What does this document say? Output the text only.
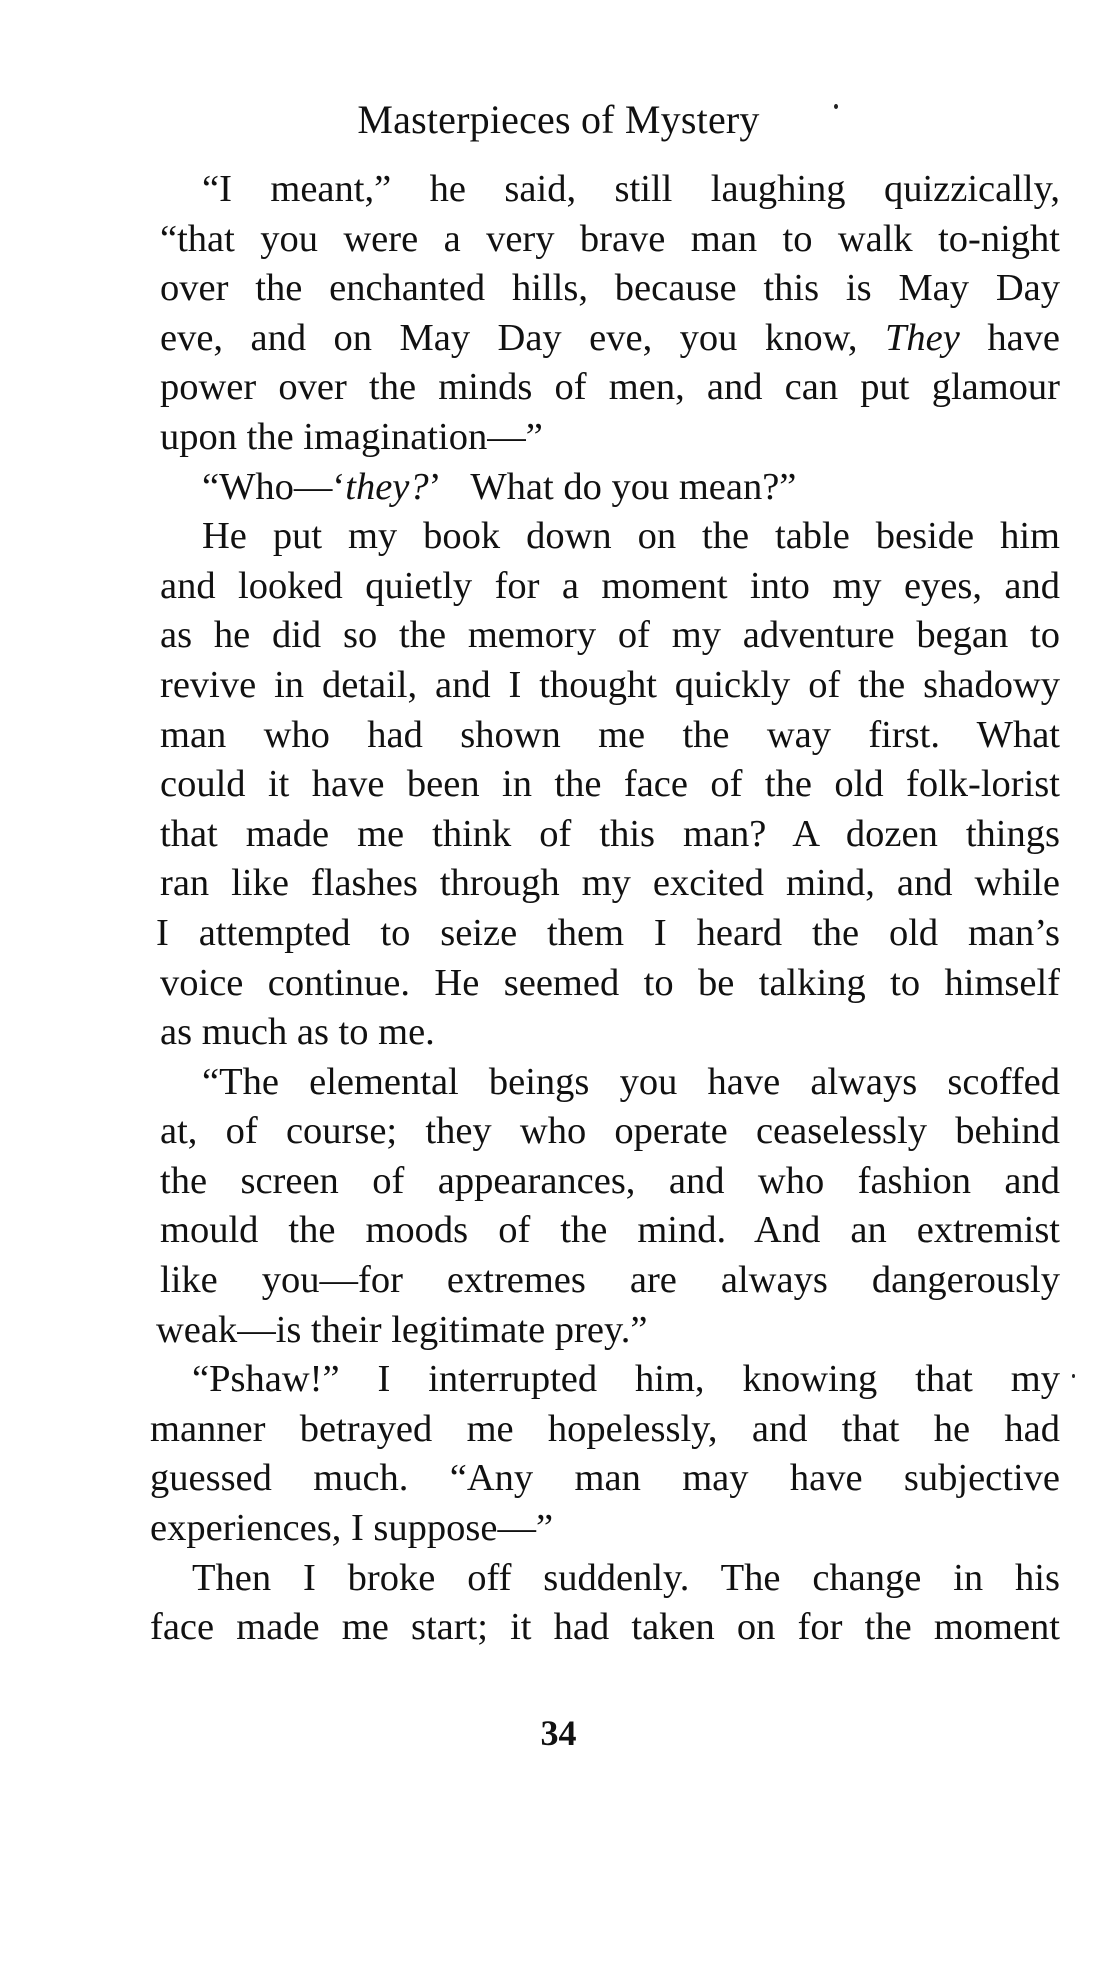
Masterpieces of Mystery
“I meant,” he said, still laughing quizzically,
“that you were a very brave man to walk to-night
over the enchanted hills, because this is May Day
eve, and on May Day eve, you know, They have
power over the minds of men, and can put glamour
upon the imagination—”
“Who—‘they?’ What do you mean?”
He put my book down on the table beside him
and looked quietly for a moment into my eyes, and
as he did so the memory of my adventure began to
revive in detail, and I thought quickly of the shadowy
man who had shown me the way first. What
could it have been in the face of the old folk-lorist
that made me think of this man? A dozen things
ran like flashes through my excited mind, and while
I attempted to seize them I heard the old man’s
voice continue. He seemed to be talking to himself
as much as to me.
“The elemental beings you have always scoffed
at, of course; they who operate ceaselessly behind
the screen of appearances, and who fashion and
mould the moods of the mind. And an extremist
like you—for extremes are always dangerously
weak—is their legitimate prey.”
“Pshaw!” I interrupted him, knowing that my
manner betrayed me hopelessly, and that he had
guessed much. “Any man may have subjective
experiences, I suppose—”
Then I broke off suddenly. The change in his
face made me start; it had taken on for the moment
34
